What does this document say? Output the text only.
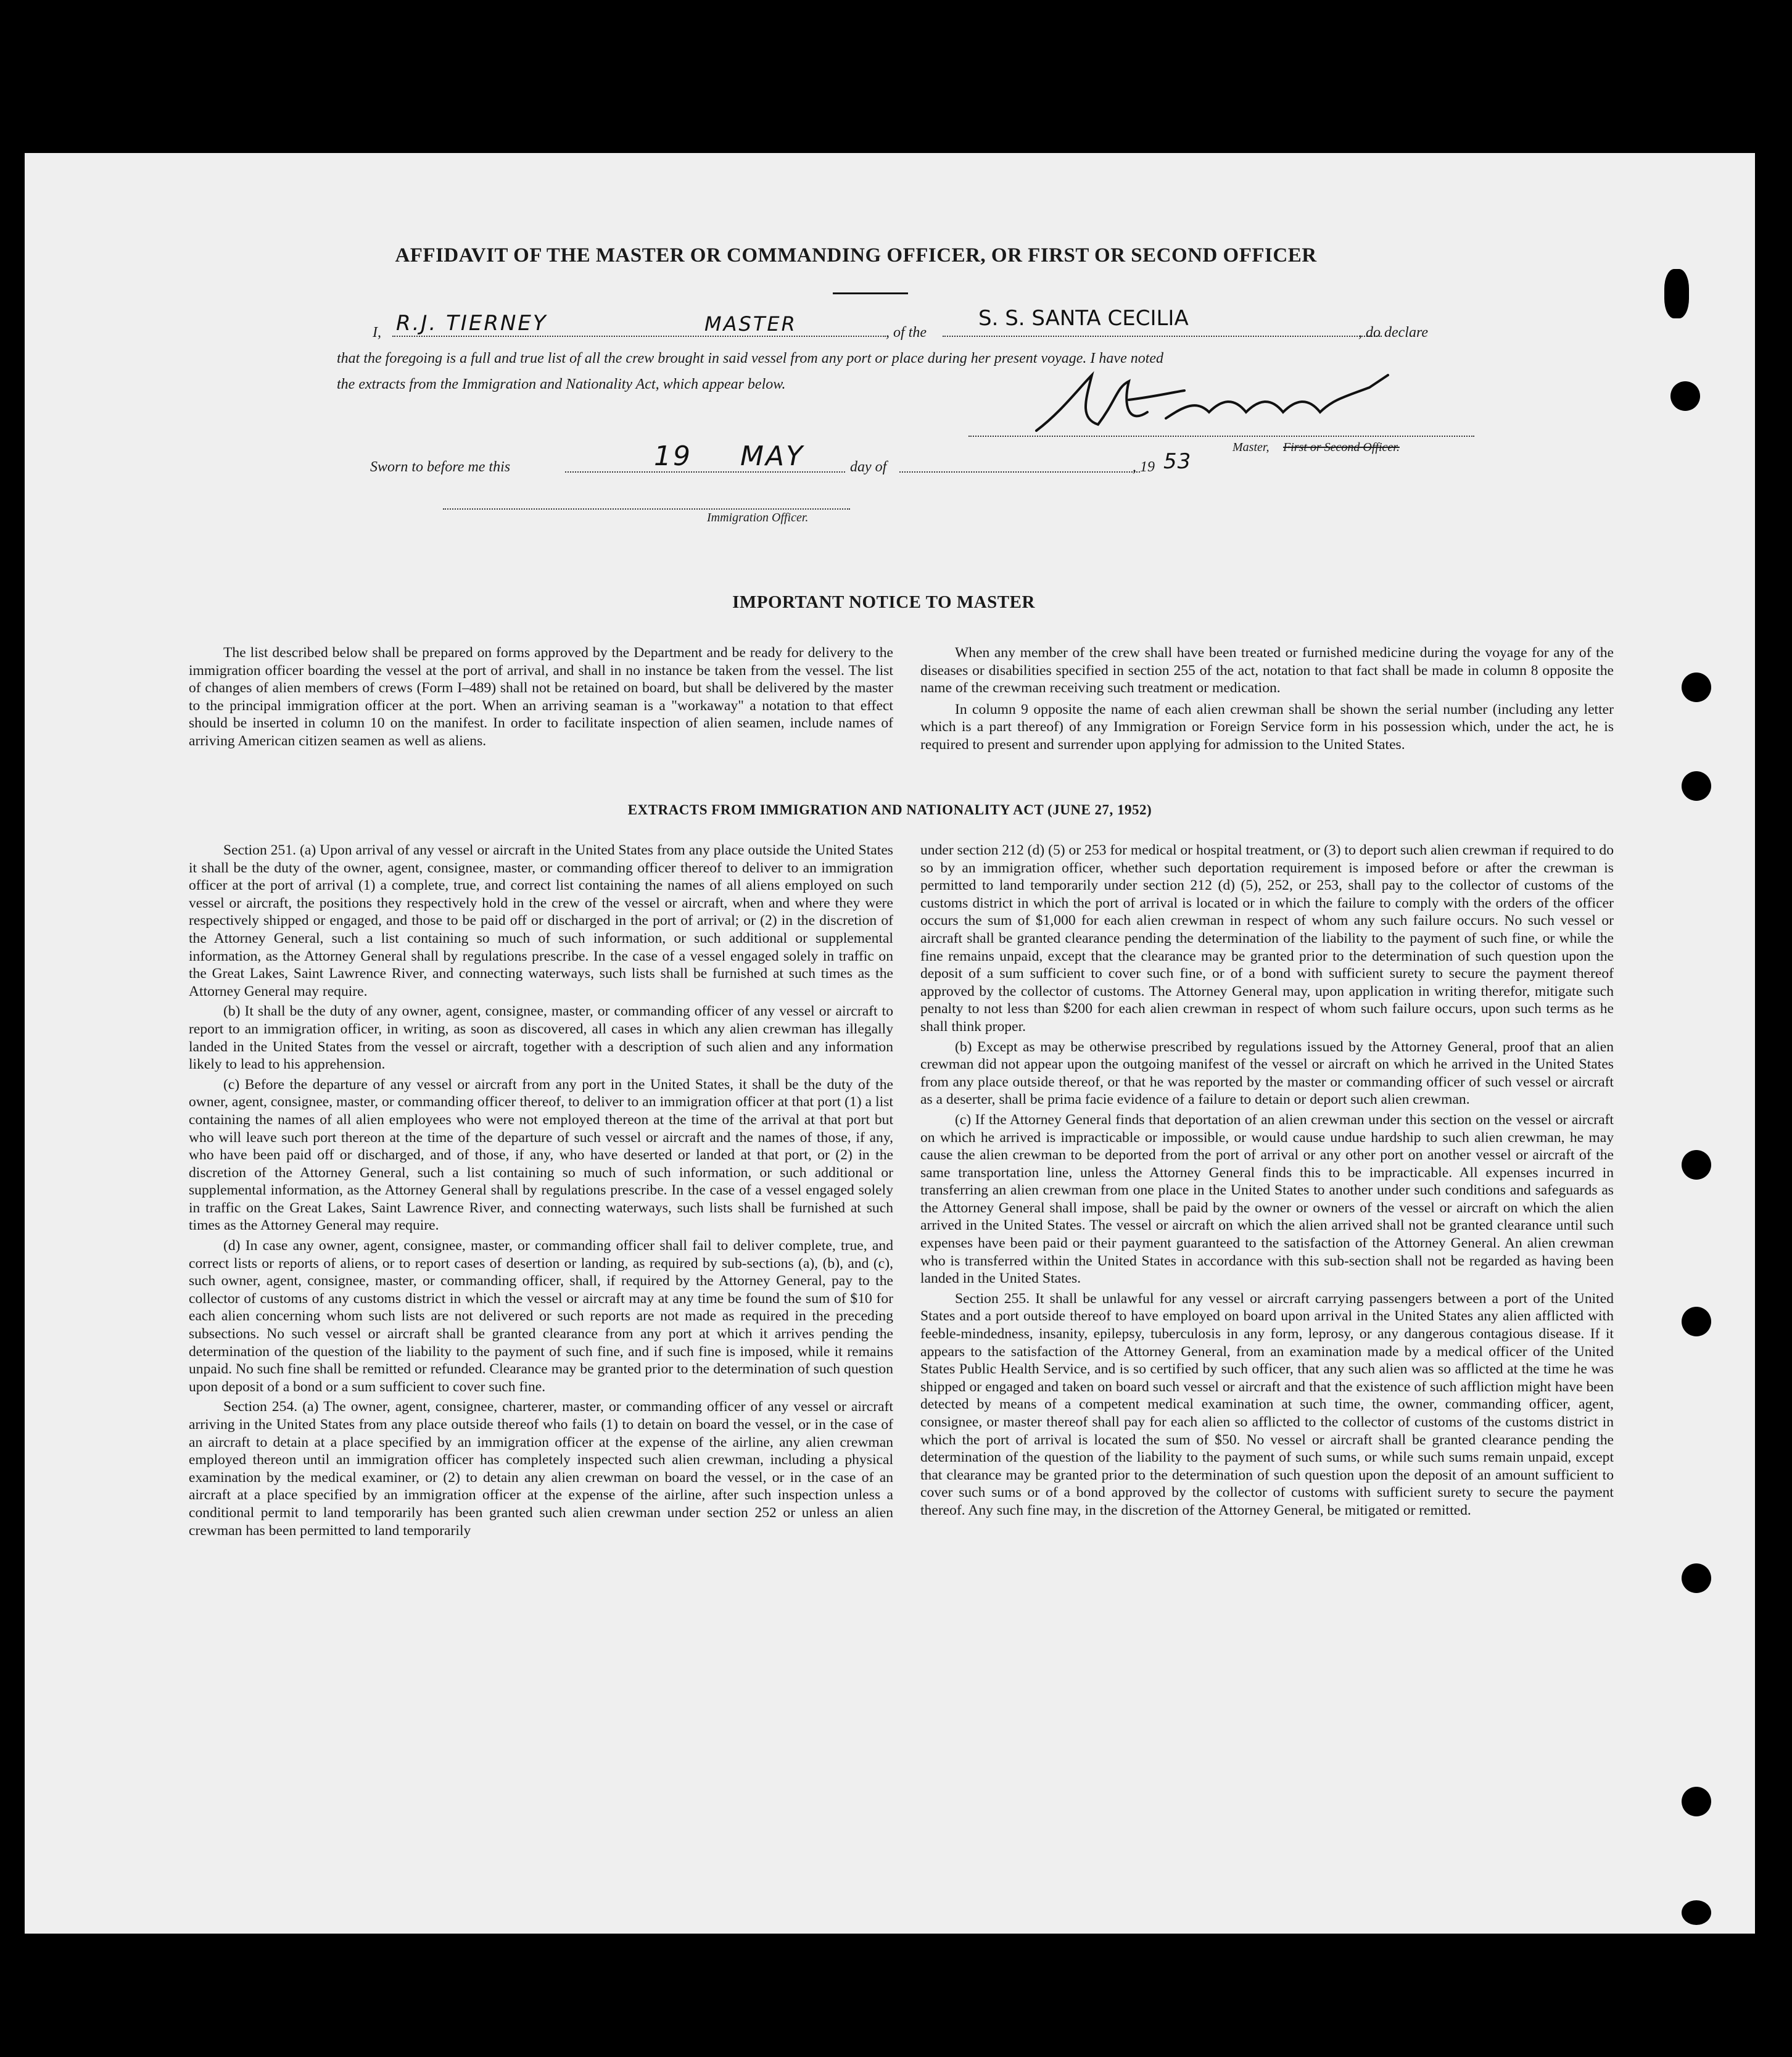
AFFIDAVIT OF THE MASTER OR COMMANDING OFFICER, OR FIRST OR SECOND OFFICER
I, R.J. TIERNEY	MASTER	, of the
S. S. SANTA CECILIA
, do declare
that the foregoing is a full and true list of all the crew brought in said vessel from any port or place during her present voyage. I have noted
the extracts from the Immigration and Nationality Act, which appear below.
Master, First or Second Officer.
Sworn to before me this	19 MAY	day of	, 19 53
Immigration Officer.
IMPORTANT NOTICE TO MASTER

The list described below shall be prepared on forms approved by the Department and be ready for delivery to the immigration officer boarding the vessel at the port of arrival, and shall in no instance be taken from the vessel. The list of changes of alien members of crews (Form I–489) shall not be retained on board, but shall be delivered by the master to the principal immigration officer at the port. When an arriving seaman is a "workaway" a notation to that effect should be inserted in column 10 on the manifest. In order to facilitate inspection of alien seamen, include names of arriving American citizen seamen as well as aliens.

When any member of the crew shall have been treated or furnished medicine during the voyage for any of the diseases or disabilities specified in section 255 of the act, notation to that fact shall be made in column 8 opposite the name of the crewman receiving such treatment or medication.

In column 9 opposite the name of each alien crewman shall be shown the serial number (including any letter which is a part thereof) of any Immigration or Foreign Service form in his possession which, under the act, he is required to present and surrender upon applying for admission to the United States.

EXTRACTS FROM IMMIGRATION AND NATIONALITY ACT (JUNE 27, 1952)

Section 251. (a) Upon arrival of any vessel or aircraft in the United States from any place outside the United States it shall be the duty of the owner, agent, consignee, master, or commanding officer thereof to deliver to an immigration officer at the port of arrival (1) a complete, true, and correct list containing the names of all aliens employed on such vessel or aircraft, the positions they respectively hold in the crew of the vessel or aircraft, when and where they were respectively shipped or engaged, and those to be paid off or discharged in the port of arrival; or (2) in the discretion of the Attorney General, such a list containing so much of such information, or such additional or supplemental information, as the Attorney General shall by regulations prescribe. In the case of a vessel engaged solely in traffic on the Great Lakes, Saint Lawrence River, and connecting waterways, such lists shall be furnished at such times as the Attorney General may require.

(b) It shall be the duty of any owner, agent, consignee, master, or commanding officer of any vessel or aircraft to report to an immigration officer, in writing, as soon as discovered, all cases in which any alien crewman has illegally landed in the United States from the vessel or aircraft, together with a description of such alien and any information likely to lead to his apprehension.

(c) Before the departure of any vessel or aircraft from any port in the United States, it shall be the duty of the owner, agent, consignee, master, or commanding officer thereof, to deliver to an immigration officer at that port (1) a list containing the names of all alien employees who were not employed thereon at the time of the arrival at that port but who will leave such port thereon at the time of the departure of such vessel or aircraft and the names of those, if any, who have been paid off or discharged, and of those, if any, who have deserted or landed at that port, or (2) in the discretion of the Attorney General, such a list containing so much of such information, or such additional or supplemental information, as the Attorney General shall by regulations prescribe. In the case of a vessel engaged solely in traffic on the Great Lakes, Saint Lawrence River, and connecting waterways, such lists shall be furnished at such times as the Attorney General may require.

(d) In case any owner, agent, consignee, master, or commanding officer shall fail to deliver complete, true, and correct lists or reports of aliens, or to report cases of desertion or landing, as required by sub-sections (a), (b), and (c), such owner, agent, consignee, master, or commanding officer, shall, if required by the Attorney General, pay to the collector of customs of any customs district in which the vessel or aircraft may at any time be found the sum of $10 for each alien concerning whom such lists are not delivered or such reports are not made as required in the preceding subsections. No such vessel or aircraft shall be granted clearance from any port at which it arrives pending the determination of the question of the liability to the payment of such fine, and if such fine is imposed, while it remains unpaid. No such fine shall be remitted or refunded. Clearance may be granted prior to the determination of such question upon deposit of a bond or a sum sufficient to cover such fine.

Section 254. (a) The owner, agent, consignee, charterer, master, or commanding officer of any vessel or aircraft arriving in the United States from any place outside thereof who fails (1) to detain on board the vessel, or in the case of an aircraft to detain at a place specified by an immigration officer at the expense of the airline, any alien crewman employed thereon until an immigration officer has completely inspected such alien crewman, including a physical examination by the medical examiner, or (2) to detain any alien crewman on board the vessel, or in the case of an aircraft at a place specified by an immigration officer at the expense of the airline, after such inspection unless a conditional permit to land temporarily has been granted such alien crewman under section 252 or unless an alien crewman has been permitted to land temporarily

under section 212 (d) (5) or 253 for medical or hospital treatment, or (3) to deport such alien crewman if required to do so by an immigration officer, whether such deportation requirement is imposed before or after the crewman is permitted to land temporarily under section 212 (d) (5), 252, or 253, shall pay to the collector of customs of the customs district in which the port of arrival is located or in which the failure to comply with the orders of the officer occurs the sum of $1,000 for each alien crewman in respect of whom any such failure occurs. No such vessel or aircraft shall be granted clearance pending the determination of the liability to the payment of such fine, or while the fine remains unpaid, except that the clearance may be granted prior to the determination of such question upon the deposit of a sum sufficient to cover such fine, or of a bond with sufficient surety to secure the payment thereof approved by the collector of customs. The Attorney General may, upon application in writing therefor, mitigate such penalty to not less than $200 for each alien crewman in respect of whom such failure occurs, upon such terms as he shall think proper.

(b) Except as may be otherwise prescribed by regulations issued by the Attorney General, proof that an alien crewman did not appear upon the outgoing manifest of the vessel or aircraft on which he arrived in the United States from any place outside thereof, or that he was reported by the master or commanding officer of such vessel or aircraft as a deserter, shall be prima facie evidence of a failure to detain or deport such alien crewman.

(c) If the Attorney General finds that deportation of an alien crewman under this section on the vessel or aircraft on which he arrived is impracticable or impossible, or would cause undue hardship to such alien crewman, he may cause the alien crewman to be deported from the port of arrival or any other port on another vessel or aircraft of the same transportation line, unless the Attorney General finds this to be impracticable. All expenses incurred in transferring an alien crewman from one place in the United States to another under such conditions and safeguards as the Attorney General shall impose, shall be paid by the owner or owners of the vessel or aircraft on which the alien arrived in the United States. The vessel or aircraft on which the alien arrived shall not be granted clearance until such expenses have been paid or their payment guaranteed to the satisfaction of the Attorney General. An alien crewman who is transferred within the United States in accordance with this sub-section shall not be regarded as having been landed in the United States.

Section 255. It shall be unlawful for any vessel or aircraft carrying passengers between a port of the United States and a port outside thereof to have employed on board upon arrival in the United States any alien afflicted with feeble-mindedness, insanity, epilepsy, tuberculosis in any form, leprosy, or any dangerous contagious disease. If it appears to the satisfaction of the Attorney General, from an examination made by a medical officer of the United States Public Health Service, and is so certified by such officer, that any such alien was so afflicted at the time he was shipped or engaged and taken on board such vessel or aircraft and that the existence of such affliction might have been detected by means of a competent medical examination at such time, the owner, commanding officer, agent, consignee, or master thereof shall pay for each alien so afflicted to the collector of customs of the customs district in which the port of arrival is located the sum of $50. No vessel or aircraft shall be granted clearance pending the determination of the question of the liability to the payment of such sums, or while such sums remain unpaid, except that clearance may be granted prior to the determination of such question upon the deposit of an amount sufficient to cover such sums or of a bond approved by the collector of customs with sufficient surety to secure the payment thereof. Any such fine may, in the discretion of the Attorney General, be mitigated or remitted.
